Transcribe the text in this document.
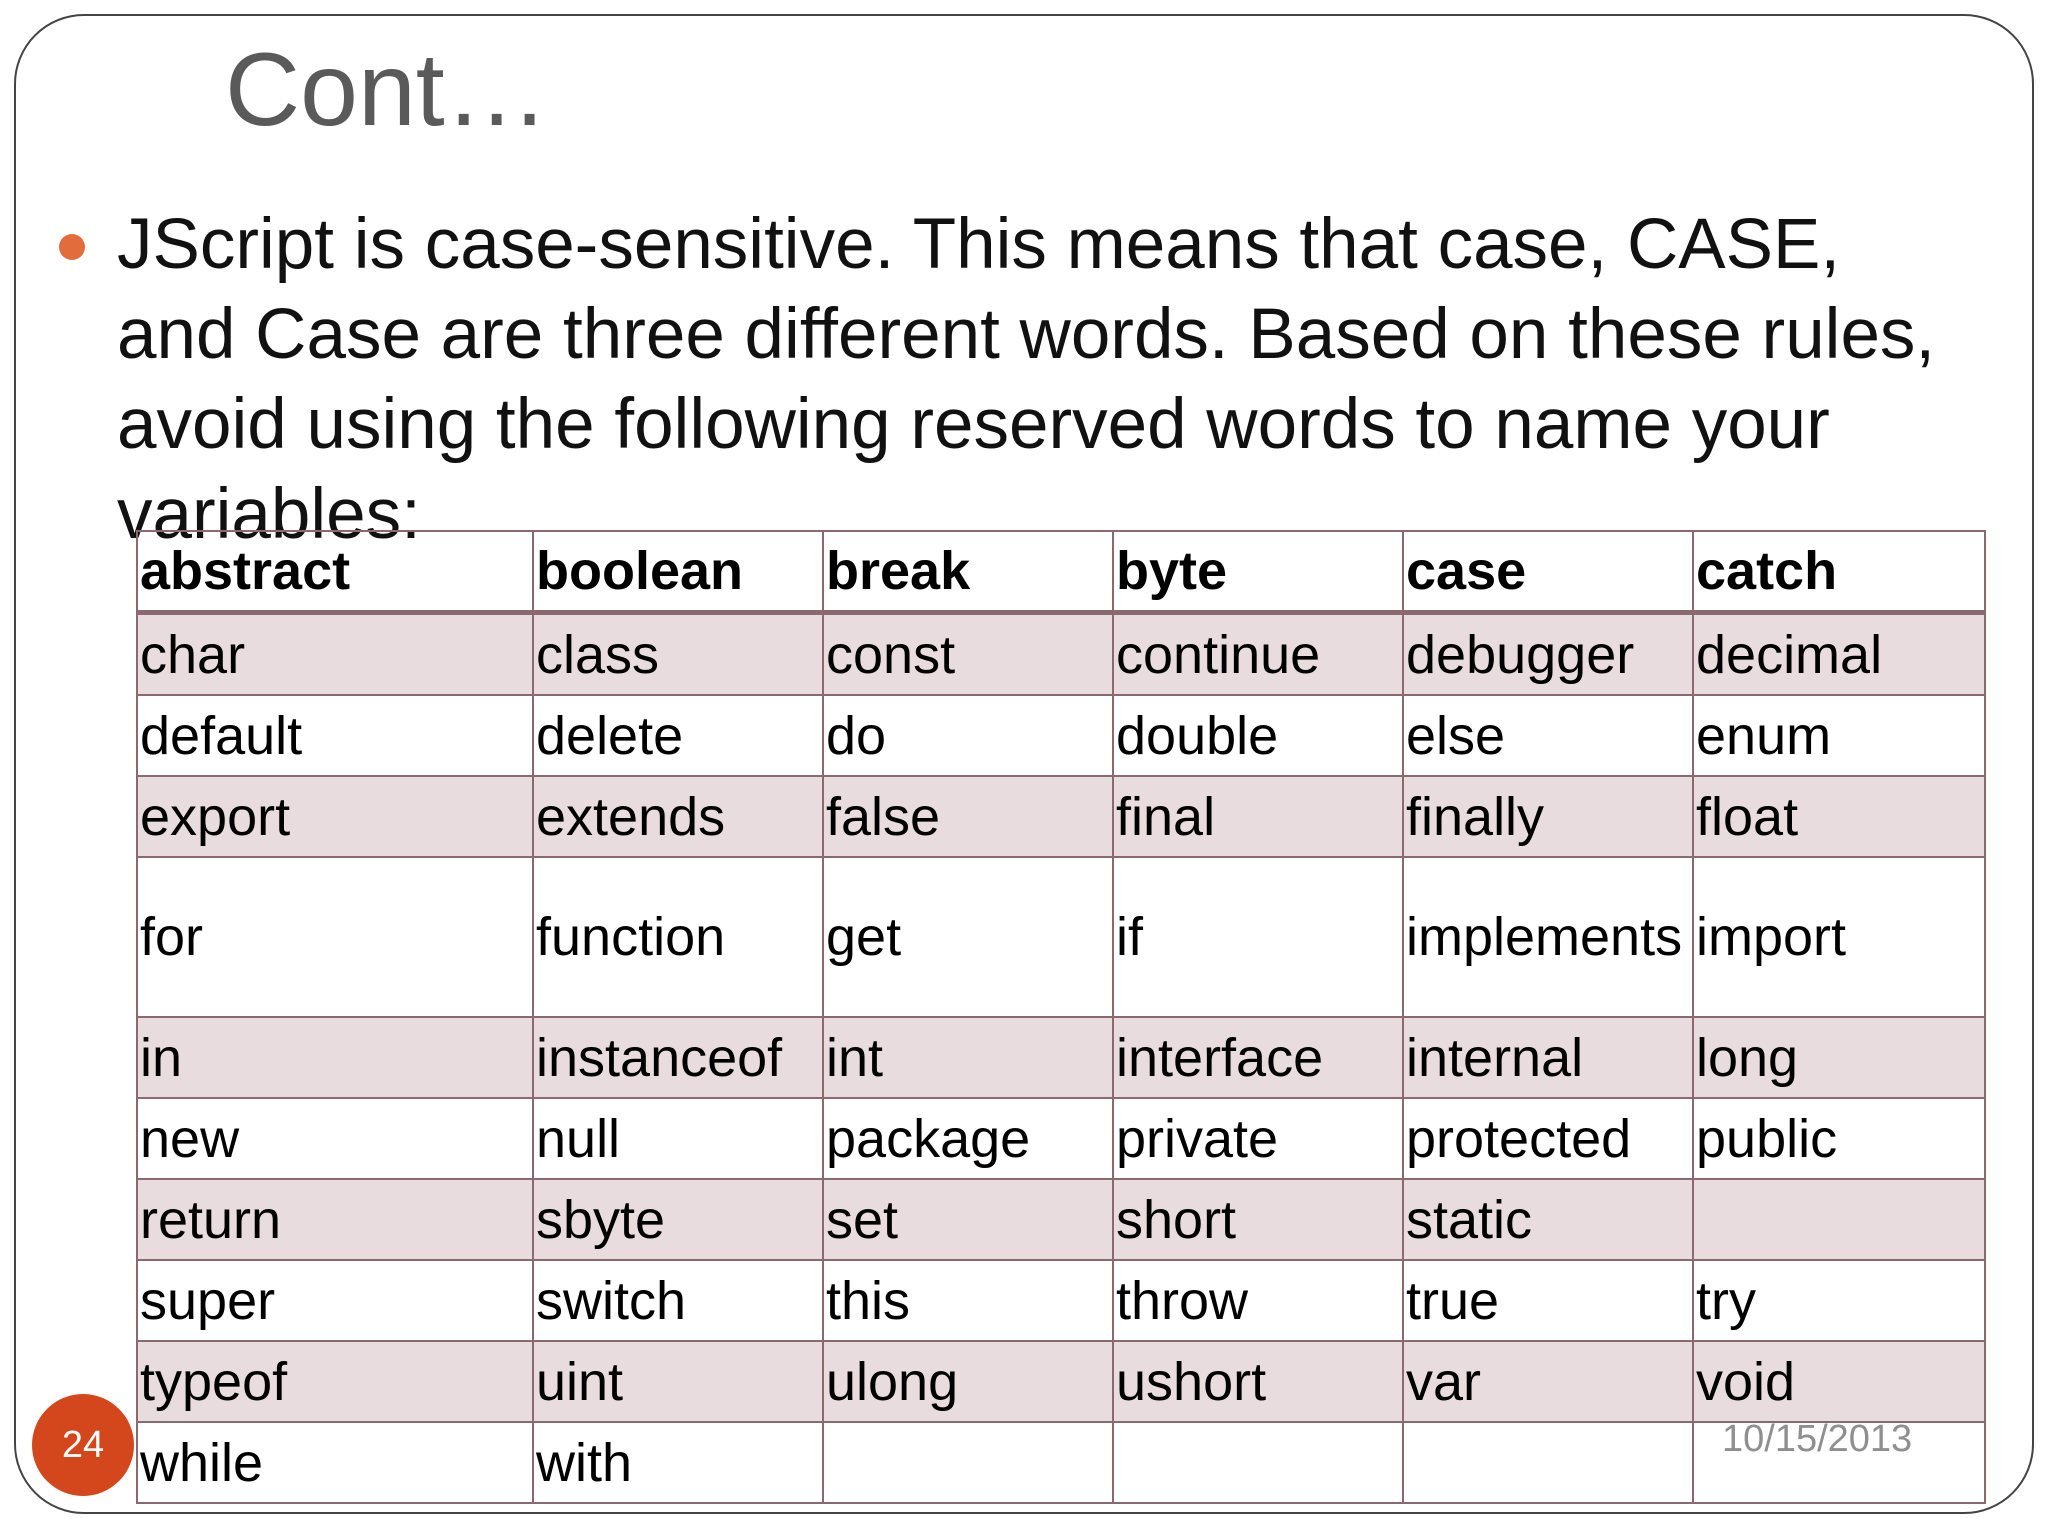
Cont…
JScript is case-sensitive. This means that case, CASE, and Case are three different words. Based on these rules, avoid using the following reserved words to name your variables:
abstract	boolean	break	byte	case	catch
char	class	const	continue	debugger	decimal
default	delete	do	double	else	enum
export	extends	false	final	finally	float
for	function	get	if	implements	import
in	instanceof	int	interface	internal	long
new	null	package	private	protected	public
return	sbyte	set	short	static	
super	switch	this	throw	true	try
typeof	uint	ulong	ushort	var	void
while	with				
24	10/15/2013
